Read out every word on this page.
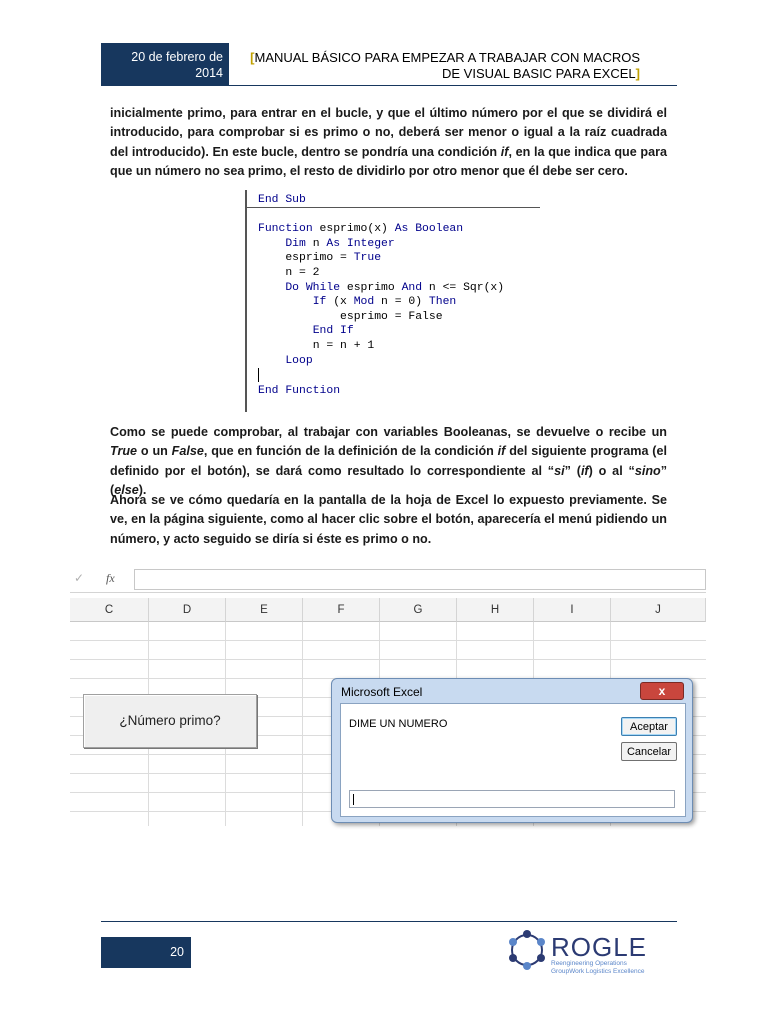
20 de febrero de
2014
[MANUAL BÁSICO PARA EMPEZAR A TRABAJAR CON MACROS
DE VISUAL BASIC PARA EXCEL]
inicialmente primo, para entrar en el bucle, y que el último número por el que se dividirá el introducido, para comprobar si es primo o no, deberá ser menor o igual a la raíz cuadrada del introducido). En este bucle, dentro se pondría una condición if, en la que indica que para que un número no sea primo, el resto de dividirlo por otro menor que él debe ser cero.
End Sub

Function esprimo(x) As Boolean
Dim n As Integer
esprimo = True
n = 2
Do While esprimo And n <= Sqr(x)
If (x Mod n = 0) Then
esprimo = False
End If
n = n + 1
Loop

End Function
Como se puede comprobar, al trabajar con variables Booleanas, se devuelve o recibe un True o un False, que en función de la definición de la condición if del siguiente programa (el definido por el botón), se dará como resultado lo correspondiente al “si” (if) o al “sino” (else).
Ahora se ve cómo quedaría en la pantalla de la hoja de Excel lo expuesto previamente. Se ve, en la página siguiente, como al hacer clic sobre el botón, aparecería el menú pidiendo un número, y acto seguido se diría si éste es primo o no.
✓ fx
C	D	E	F	G	H	I	J
¿Número primo?
Microsoft Excel	x
DIME UN NUMERO	Aceptar
Cancelar
20	ROGLE
Reengineering Operations
GroupWork Logistics Excellence
